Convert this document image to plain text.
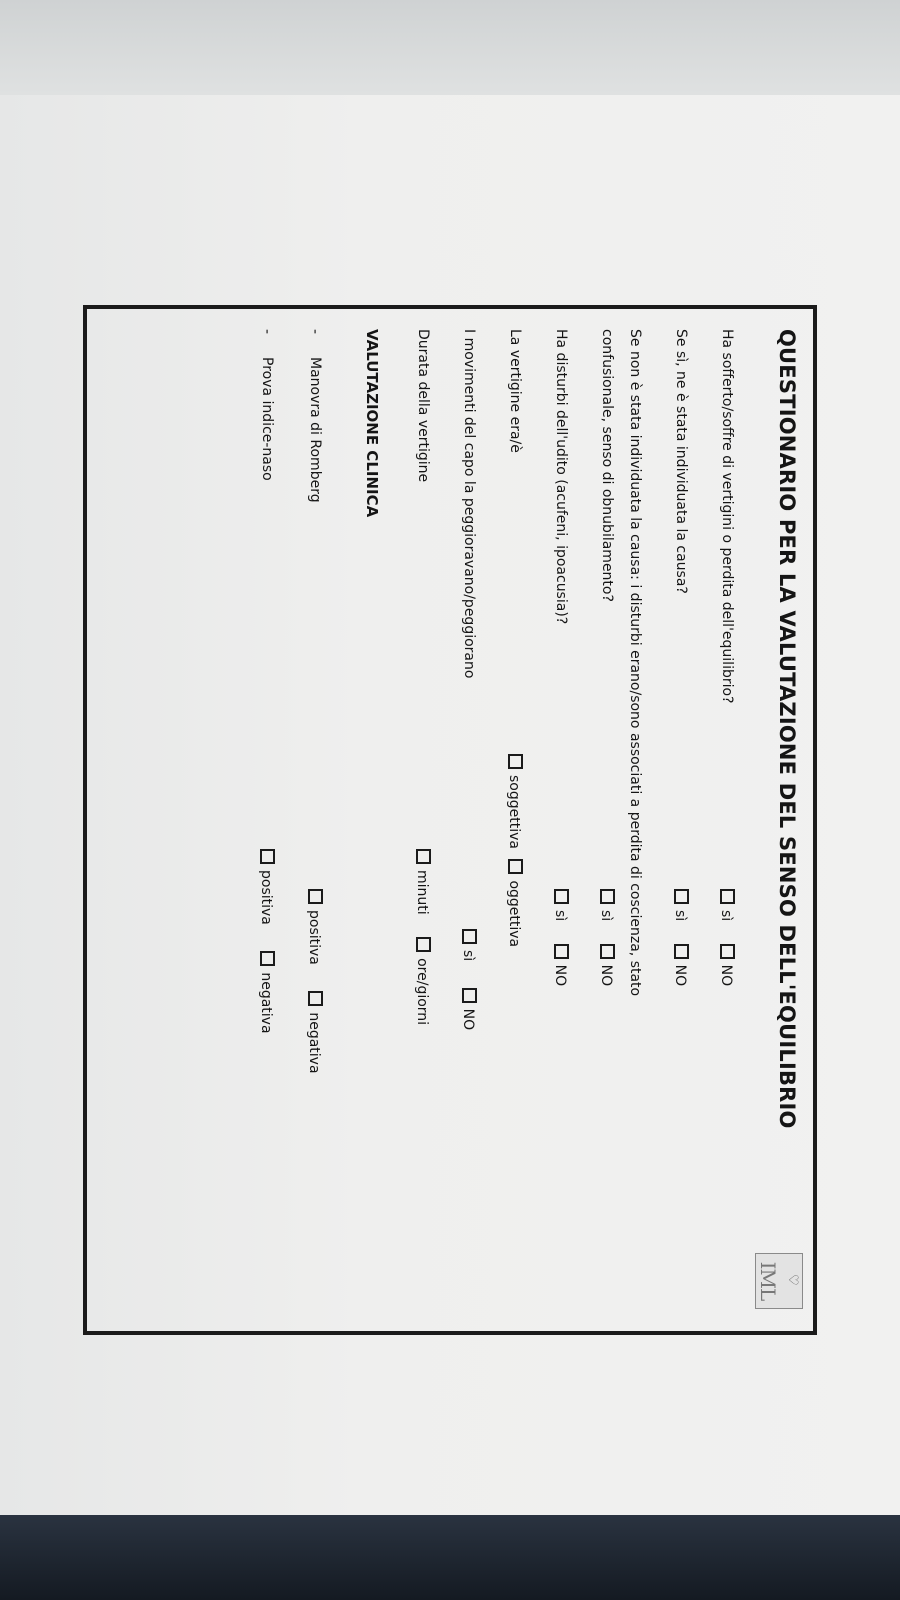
QUESTIONARIO PER LA VALUTAZIONE DEL SENSO DELL'EQUILIBRIO
♡
IML
Ha sofferto/soffre di vertigini o perdita dell'equilibrio?
sì NO
Se sì, ne è stata individuata la causa?
sì NO
Se non è stata individuata la causa: i disturbi erano/sono associati a perdita di coscienza, stato
confusionale, senso di obnubilamento?
sì NO
Ha disturbi dell'udito (acufeni, ipoacusia)?
sì NO
La vertigine era/è
soggettiva oggettiva
I movimenti del capo la peggioravano/peggiorano
sì NO
Durata della vertigine
minuti ore/giorni
VALUTAZIONE CLINICA
-Manovra di Romberg
positiva negativa
-Prova indice-naso
positiva negativa
